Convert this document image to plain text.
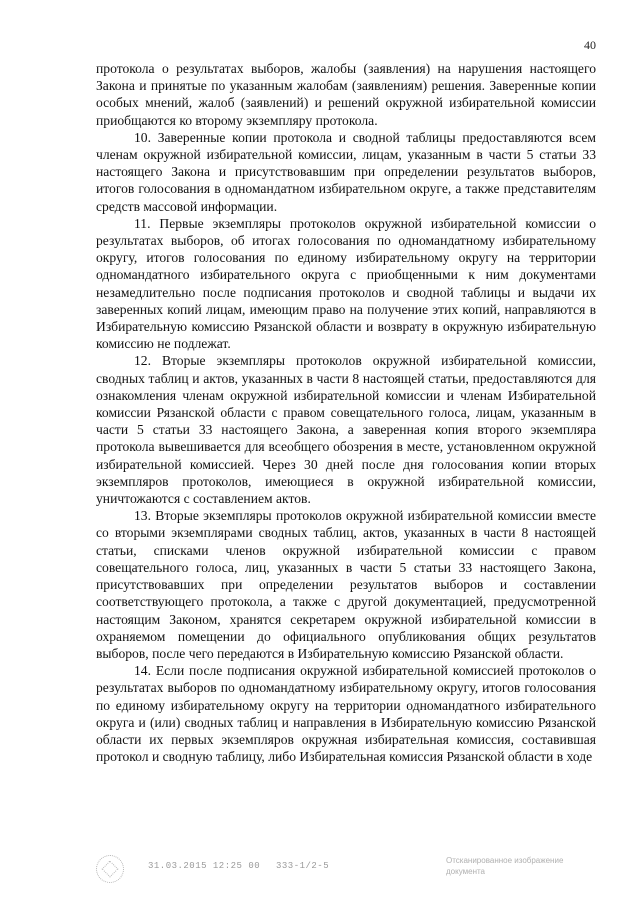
40

протокола о результатах выборов, жалобы (заявления) на нарушения настоящего Закона и принятые по указанным жалобам (заявлениям) решения. Заверенные копии особых мнений, жалоб (заявлений) и решений окружной избирательной комиссии приобщаются ко второму экземпляру протокола.

10. Заверенные копии протокола и сводной таблицы предоставляются всем членам окружной избирательной комиссии, лицам, указанным в части 5 статьи 33 настоящего Закона и присутствовавшим при определении результатов выборов, итогов голосования в одномандатном избирательном округе, а также представителям средств массовой информации.

11. Первые экземпляры протоколов окружной избирательной комиссии о результатах выборов, об итогах голосования по одномандатному избирательному округу, итогов голосования по единому избирательному округу на территории одномандатного избирательного округа с приобщенными к ним документами незамедлительно после подписания протоколов и сводной таблицы и выдачи их заверенных копий лицам, имеющим право на получение этих копий, направляются в Избирательную комиссию Рязанской области и возврату в окружную избирательную комиссию не подлежат.

12. Вторые экземпляры протоколов окружной избирательной комиссии, сводных таблиц и актов, указанных в части 8 настоящей статьи, предоставляются для ознакомления членам окружной избирательной комиссии и членам Избирательной комиссии Рязанской области с правом совещательного голоса, лицам, указанным в части 5 статьи 33 настоящего Закона, а заверенная копия второго экземпляра протокола вывешивается для всеобщего обозрения в месте, установленном окружной избирательной комиссией. Через 30 дней после дня голосования копии вторых экземпляров протоколов, имеющиеся в окружной избирательной комиссии, уничтожаются с составлением актов.

13. Вторые экземпляры протоколов окружной избирательной комиссии вместе со вторыми экземплярами сводных таблиц, актов, указанных в части 8 настоящей статьи, списками членов окружной избирательной комиссии с правом совещательного голоса, лиц, указанных в части 5 статьи 33 настоящего Закона, присутствовавших при определении результатов выборов и составлении соответствующего протокола, а также с другой документацией, предусмотренной настоящим Законом, хранятся секретарем окружной избирательной комиссии в охраняемом помещении до официального опубликования общих результатов выборов, после чего передаются в Избирательную комиссию Рязанской области.

14. Если после подписания окружной избирательной комиссией протоколов о результатах выборов по одномандатному избирательному округу, итогов голосования по единому избирательному округу на территории одномандатного избирательного округа и (или) сводных таблиц и направления в Избирательную комиссию Рязанской области их первых экземпляров окружная избирательная комиссия, составившая протокол и сводную таблицу, либо Избирательная комиссия Рязанской области в ходе

31.03.2015 12:25 00 333-1/2-5
Отсканированное изображение документа
